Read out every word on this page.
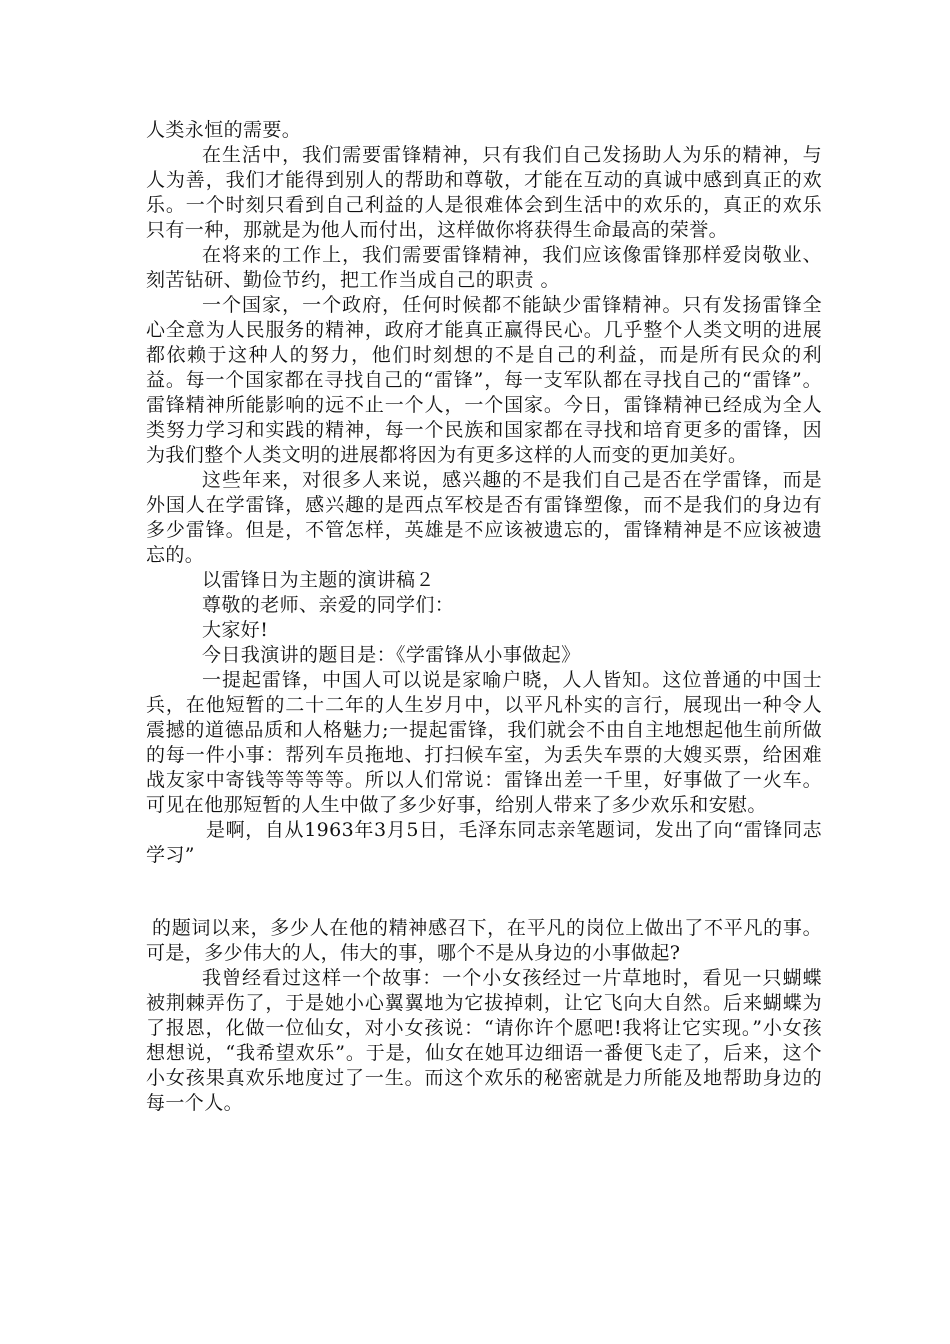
人类永恒的需要。

在生活中，我们需要雷锋精神，只有我们自己发扬助人为乐的精神，与人为善，我们才能得到别人的帮助和尊敬，才能在互动的真诚中感到真正的欢乐。一个时刻只看到自己利益的人是很难体会到生活中的欢乐的，真正的欢乐只有一种，那就是为他人而付出，这样做你将获得生命最高的荣誉。

在将来的工作上，我们需要雷锋精神，我们应该像雷锋那样爱岗敬业、刻苦钻研、勤俭节约，把工作当成自己的职责 。

一个国家，一个政府，任何时候都不能缺少雷锋精神。只有发扬雷锋全心全意为人民服务的精神，政府才能真正赢得民心。几乎整个人类文明的进展都依赖于这种人的努力，他们时刻想的不是自己的利益，而是所有民众的利益。每一个国家都在寻找自己的“雷锋”，每一支军队都在寻找自己的“雷锋”。雷锋精神所能影响的远不止一个人，一个国家。今日，雷锋精神已经成为全人类努力学习和实践的精神，每一个民族和国家都在寻找和培育更多的雷锋，因为我们整个人类文明的进展都将因为有更多这样的人而变的更加美好。

这些年来，对很多人来说，感兴趣的不是我们自己是否在学雷锋，而是外国人在学雷锋，感兴趣的是西点军校是否有雷锋塑像，而不是我们的身边有多少雷锋。但是，不管怎样，英雄是不应该被遗忘的，雷锋精神是不应该被遗忘的。

以雷锋日为主题的演讲稿２

尊敬的老师、亲爱的同学们：

大家好!

今日我演讲的题目是：《学雷锋从小事做起》

一提起雷锋，中国人可以说是家喻户晓，人人皆知。这位普通的中国士兵，在他短暂的二十二年的人生岁月中，以平凡朴实的言行，展现出一种令人震撼的道德品质和人格魅力;一提起雷锋，我们就会不由自主地想起他生前所做的每一件小事：帮列车员拖地、打扫候车室，为丢失车票的大嫂买票，给困难战友家中寄钱等等等等。所以人们常说：雷锋出差一千里，好事做了一火车。可见在他那短暂的人生中做了多少好事，给别人带来了多少欢乐和安慰。

是啊，自从1963年3月5日，毛泽东同志亲笔题词，发出了向“雷锋同志学习”

的题词以来，多少人在他的精神感召下，在平凡的岗位上做出了不平凡的事。可是，多少伟大的人，伟大的事，哪个不是从身边的小事做起?

我曾经看过这样一个故事：一个小女孩经过一片草地时，看见一只蝴蝶被荆棘弄伤了，于是她小心翼翼地为它拔掉刺，让它飞向大自然。后来蝴蝶为了报恩，化做一位仙女，对小女孩说：“请你许个愿吧!我将让它实现。”小女孩想想说，“我希望欢乐”。于是，仙女在她耳边细语一番便飞走了，后来，这个小女孩果真欢乐地度过了一生。而这个欢乐的秘密就是力所能及地帮助身边的每一个人。
